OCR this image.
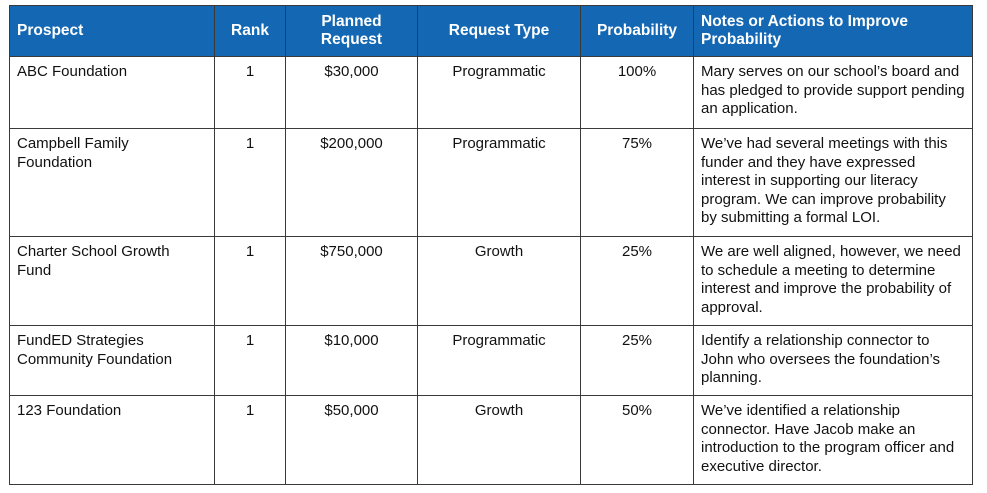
Prospect	Rank	Planned Request	Request Type	Probability	Notes or Actions to Improve Probability
ABC Foundation	1	$30,000	Programmatic	100%	Mary serves on our school’s board and has pledged to provide support pending an application.
Campbell Family Foundation	1	$200,000	Programmatic	75%	We’ve had several meetings with this funder and they have expressed interest in supporting our literacy program. We can improve probability by submitting a formal LOI.
Charter School Growth Fund	1	$750,000	Growth	25%	We are well aligned, however, we need to schedule a meeting to determine interest and improve the probability of approval.
FundED Strategies Community Foundation	1	$10,000	Programmatic	25%	Identify a relationship connector to John who oversees the foundation’s planning.
123 Foundation	1	$50,000	Growth	50%	We’ve identified a relationship connector. Have Jacob make an introduction to the program officer and executive director.
